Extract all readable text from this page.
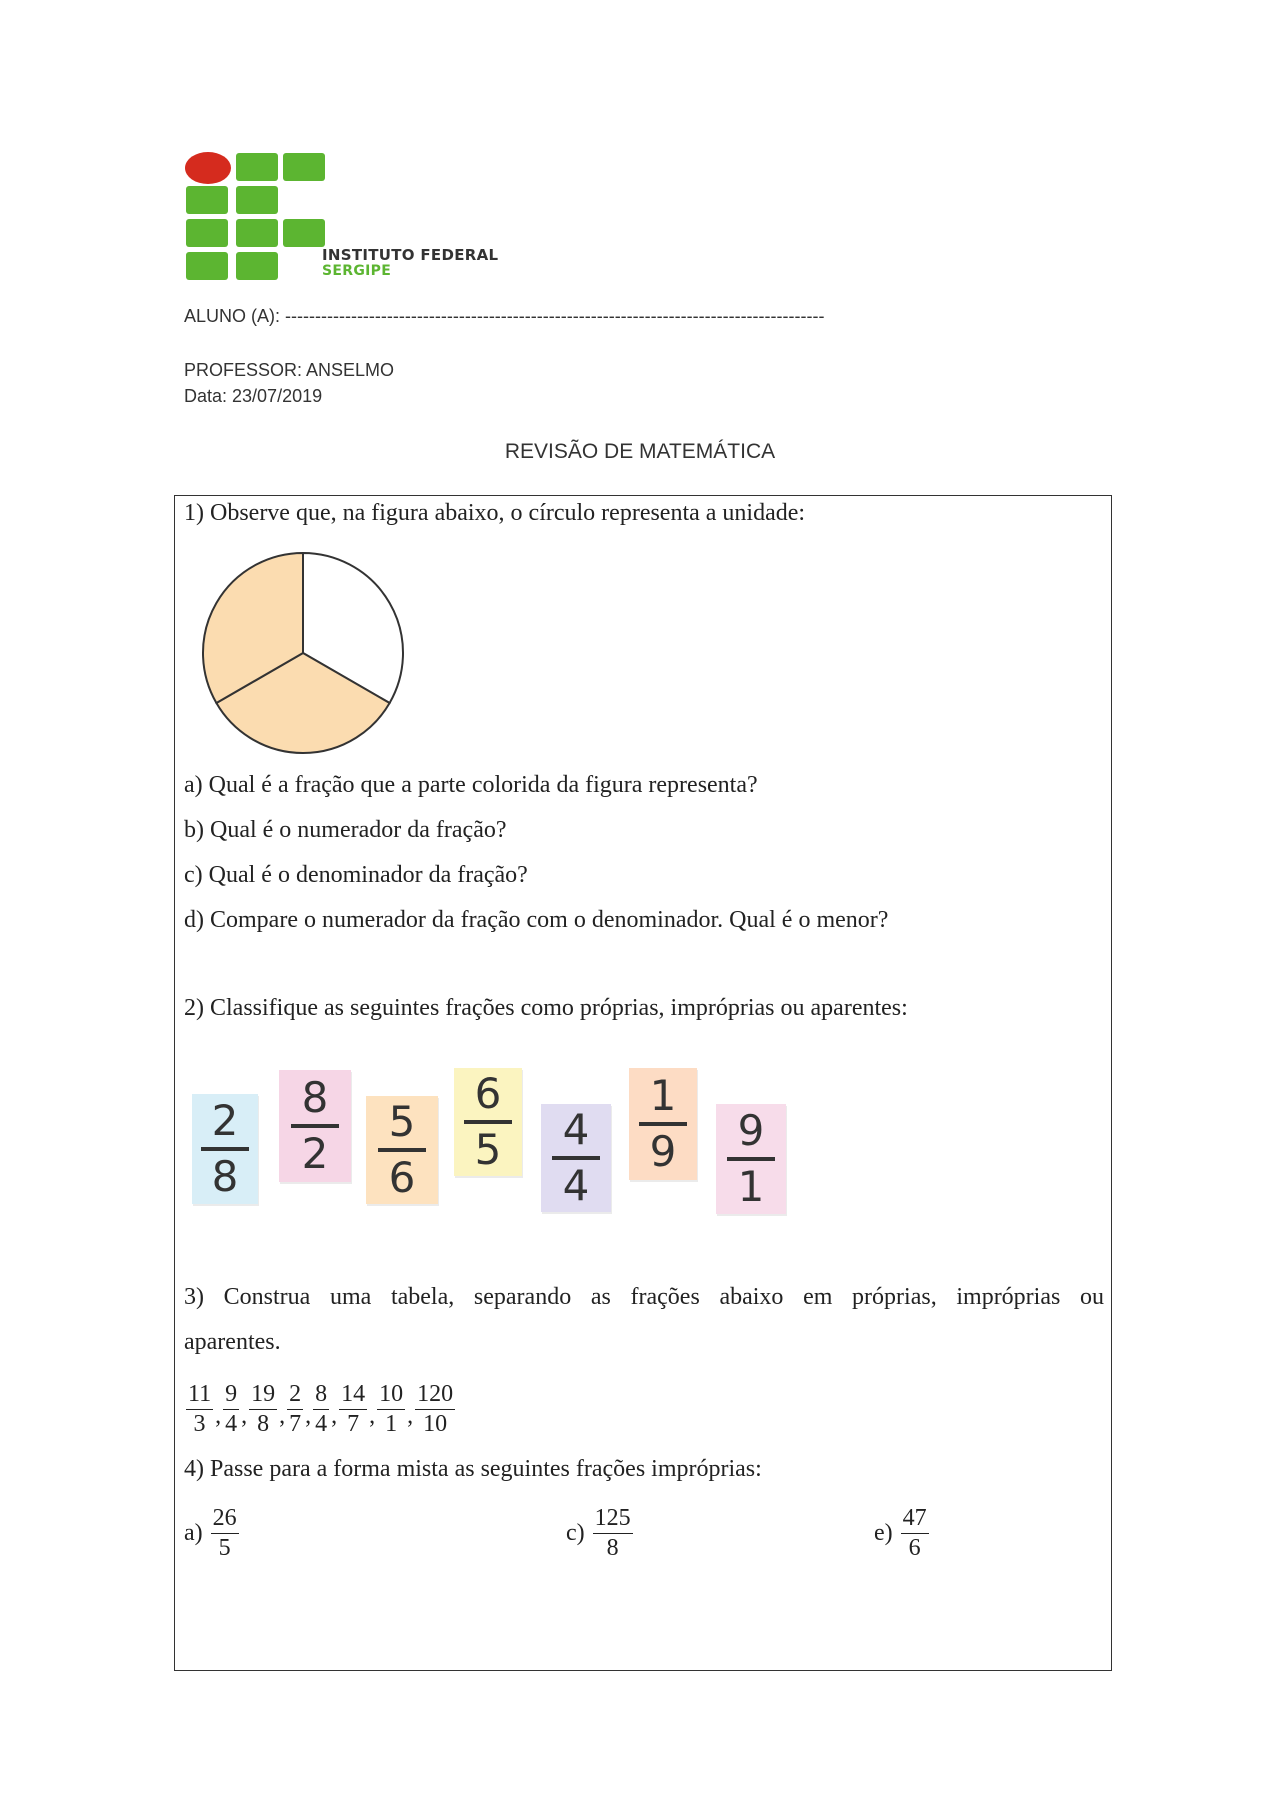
INSTITUTO FEDERAL
SERGIPE
ALUNO (A): ------------------------------------------------------------------------------------------
PROFESSOR: ANSELMO
Data: 23/07/2019
REVISÃO DE MATEMÁTICA
1) Observe que, na figura abaixo, o círculo representa a unidade:
a) Qual é a fração que a parte colorida da figura representa?
b) Qual é o numerador da fração?
c) Qual é o denominador da fração?
d) Compare o numerador da fração com o denominador. Qual é o menor?
2) Classifique as seguintes frações como próprias, impróprias ou aparentes:
2
8
8
2
5
6
6
5 4
4
1
9 9
1
3) Construa uma tabela, separando as frações abaixo em próprias, impróprias ou
aparentes.
$\frac{11}{3}$ , $\frac{9}{4}$ , $\frac{19}{8}$ , $\frac{2}{7}$ , $\frac{8}{4}$ , $\frac{14}{7}$ , $\frac{10}{1}$ , $\frac{120}{10}$
4) Passe para a forma mista as seguintes frações impróprias:
$a) \frac{26}{5}$	$c) \frac{125}{8}$	$e) \frac{47}{6}$
